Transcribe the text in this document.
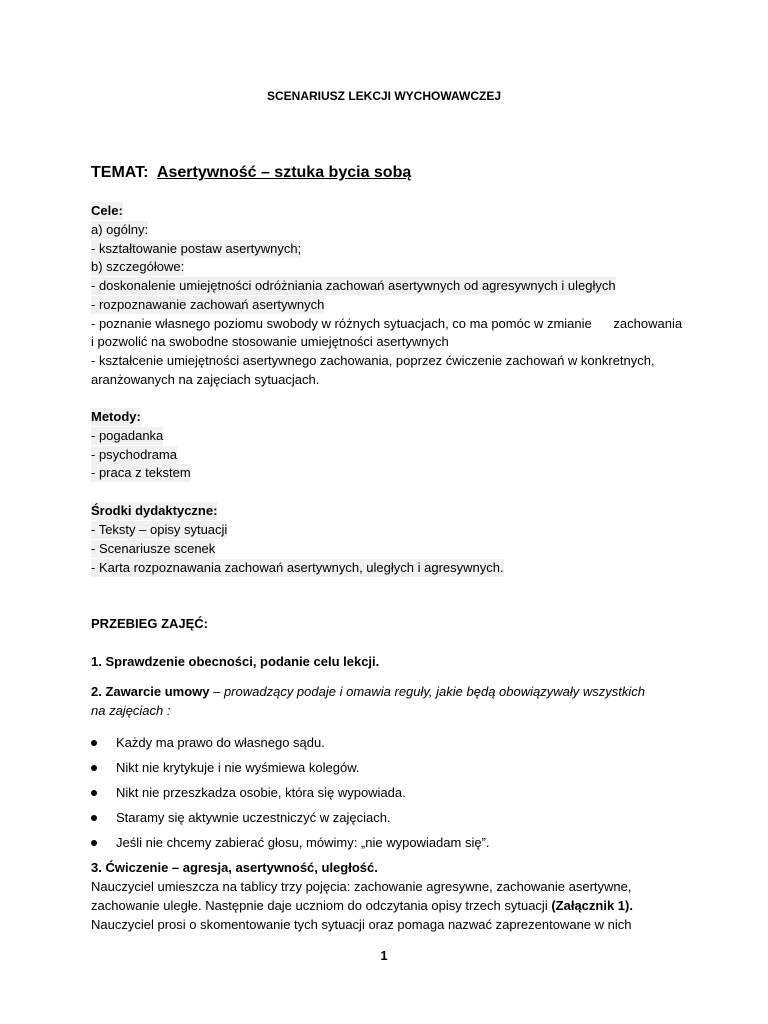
SCENARIUSZ LEKCJI WYCHOWAWCZEJ
TEMAT: Asertywność – sztuka bycia sobą
Cele:
a) ogólny:
- kształtowanie postaw asertywnych;
b) szczegółowe:
- doskonalenie umiejętności odróżniania zachowań asertywnych od agresywnych i uległych
- rozpoznawanie zachowań asertywnych
- poznanie własnego poziomu swobody w różnych sytuacjach, co ma pomóc w zmianie      zachowania
i pozwolić na swobodne stosowanie umiejętności asertywnych
- kształcenie umiejętności asertywnego zachowania, poprzez ćwiczenie zachowań w konkretnych,
aranżowanych na zajęciach sytuacjach.
Metody:
- pogadanka
- psychodrama
- praca z tekstem
Środki dydaktyczne:
- Teksty – opisy sytuacji
- Scenariusze scenek
- Karta rozpoznawania zachowań asertywnych, uległych i agresywnych.
PRZEBIEG ZAJĘĆ:
1. Sprawdzenie obecności, podanie celu lekcji.
2. Zawarcie umowy – prowadzący podaje i omawia reguły, jakie będą obowiązywały wszystkich
na zajęciach :
Każdy ma prawo do własnego sądu.
Nikt nie krytykuje i nie wyśmiewa kolegów.
Nikt nie przeszkadza osobie, która się wypowiada.
Staramy się aktywnie uczestniczyć w zajęciach.
Jeśli nie chcemy zabierać głosu, mówimy: „nie wypowiadam się”.
3. Ćwiczenie – agresja, asertywność, uległość.
Nauczyciel umieszcza na tablicy trzy pojęcia: zachowanie agresywne, zachowanie asertywne,
zachowanie uległe. Następnie daje uczniom do odczytania opisy trzech sytuacji (Załącznik 1).
Nauczyciel prosi o skomentowanie tych sytuacji oraz pomaga nazwać zaprezentowane w nich
1
